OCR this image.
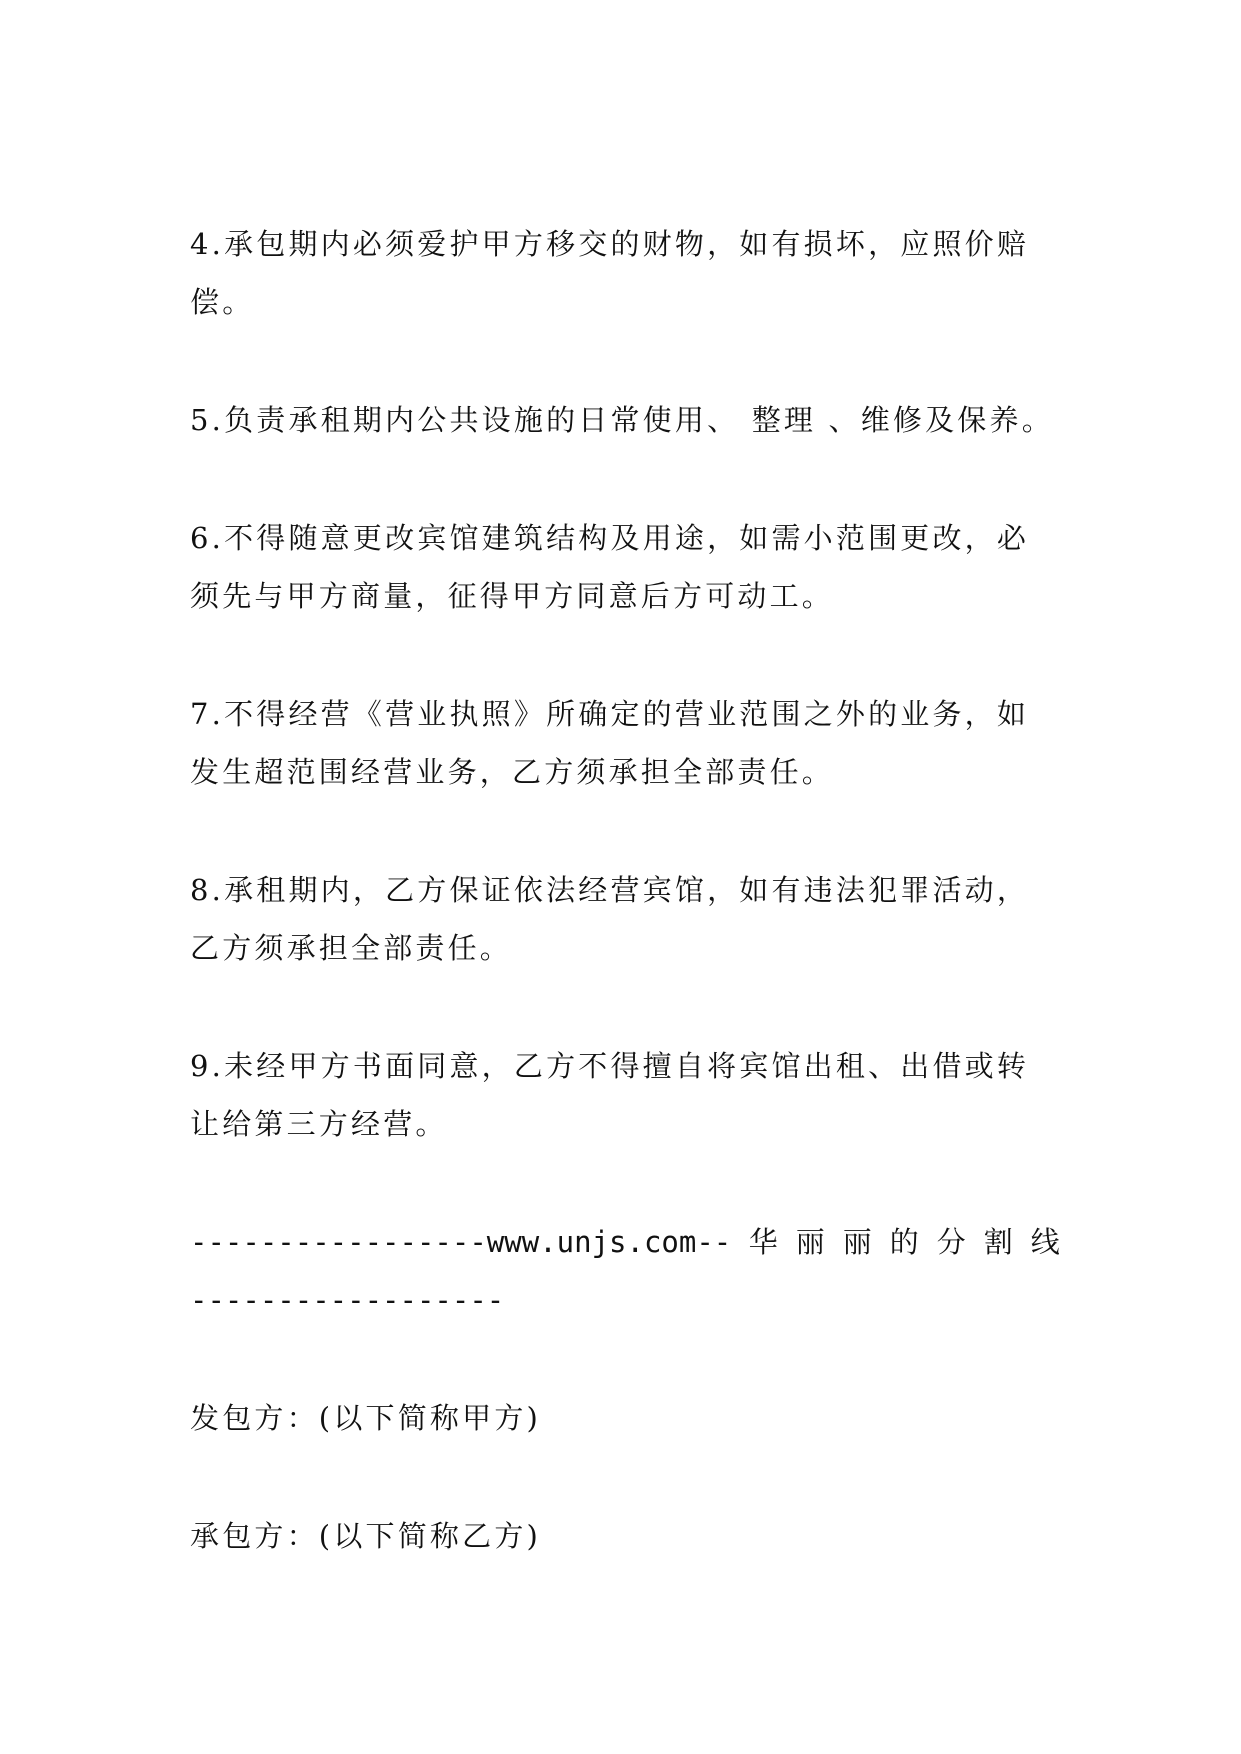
4.承包期内必须爱护甲方移交的财物，如有损坏，应照价赔
偿。
5.负责承租期内公共设施的日常使用、 整理 、维修及保养。
6.不得随意更改宾馆建筑结构及用途，如需小范围更改，必
须先与甲方商量，征得甲方同意后方可动工。
7.不得经营《营业执照》所确定的营业范围之外的业务，如
发生超范围经营业务，乙方须承担全部责任。
8.承租期内，乙方保证依法经营宾馆，如有违法犯罪活动，
乙方须承担全部责任。
9.未经甲方书面同意，乙方不得擅自将宾馆出租、出借或转
让给第三方经营。
-----------------www.unjs.com-- 华丽丽的分割线
------------------
发包方：(以下简称甲方)
承包方：(以下简称乙方)
